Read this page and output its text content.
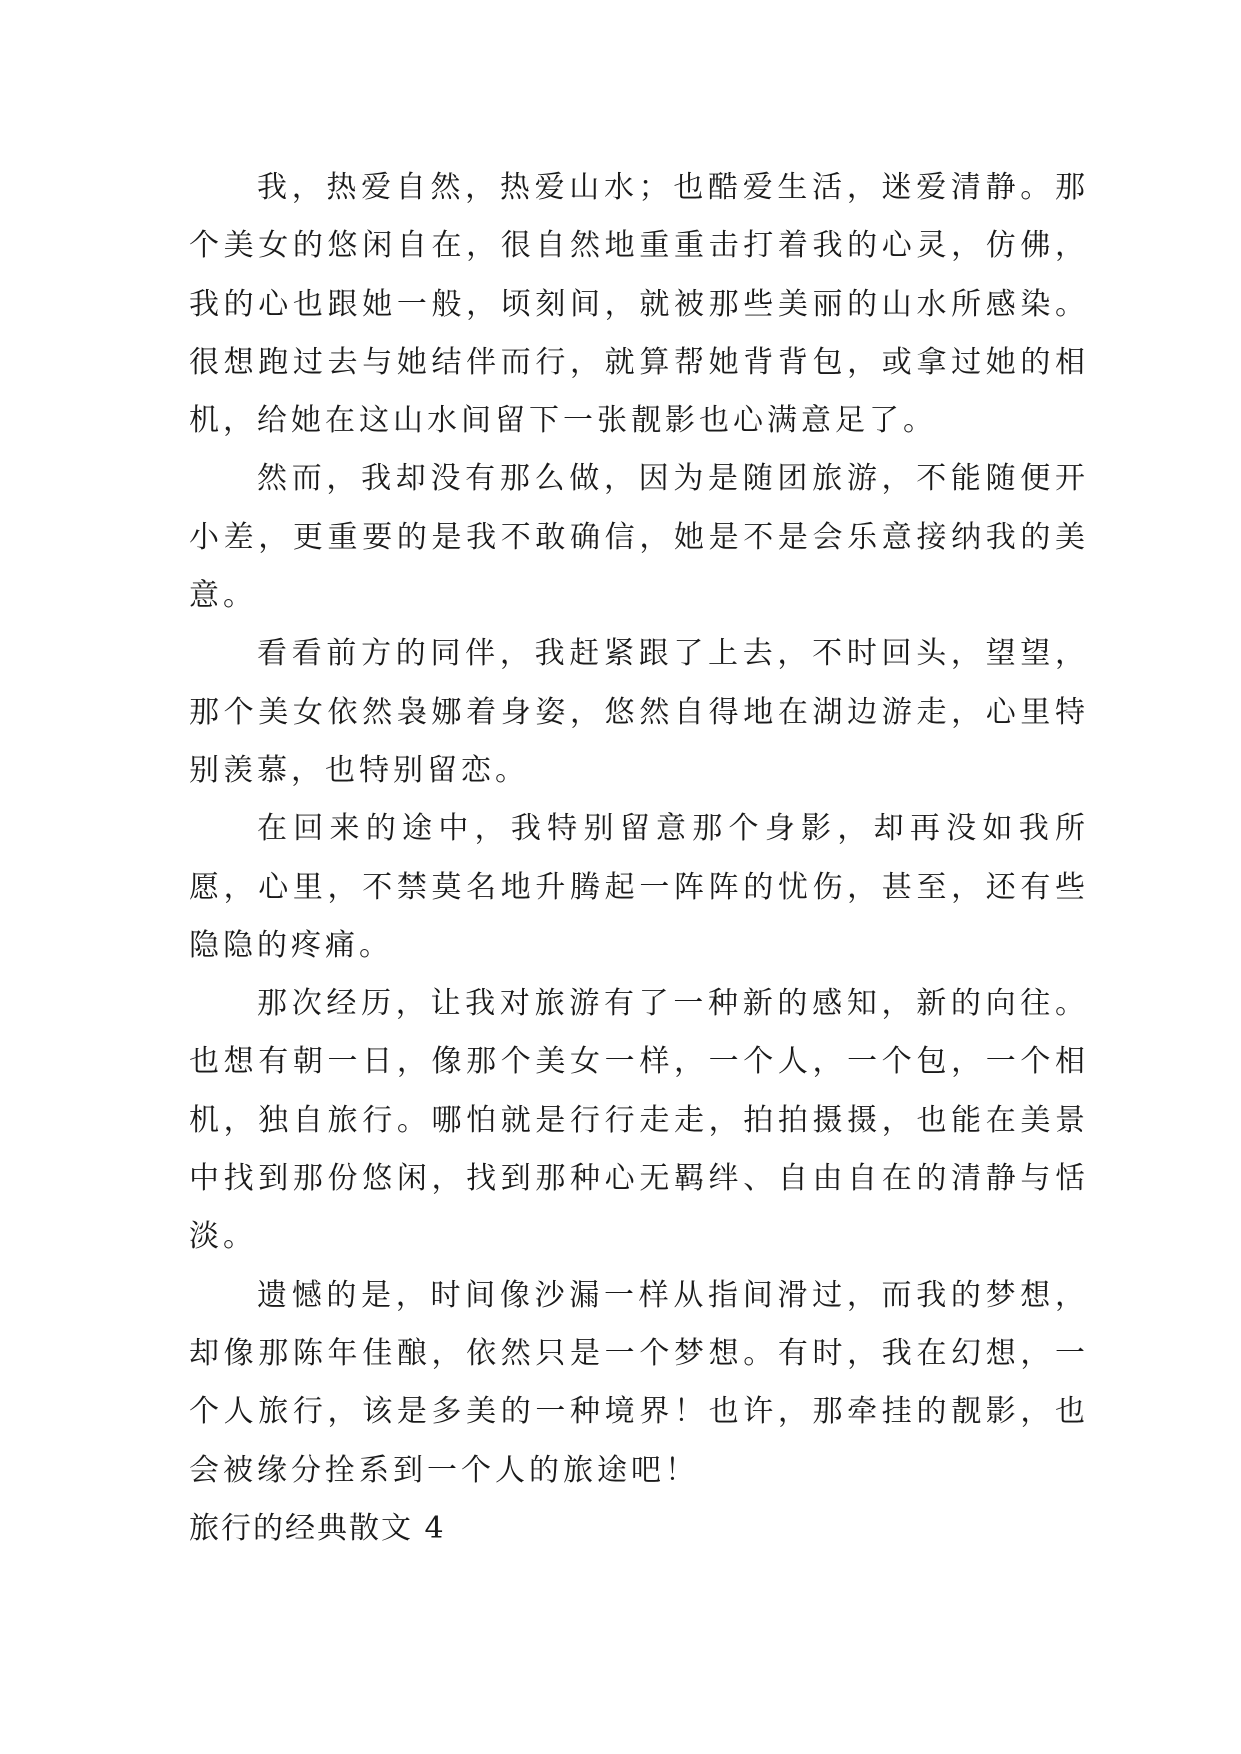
我，热爱自然，热爱山水；也酷爱生活，迷爱清静。那个美女的悠闲自在，很自然地重重击打着我的心灵，仿佛，我的心也跟她一般，顷刻间，就被那些美丽的山水所感染。很想跑过去与她结伴而行，就算帮她背背包，或拿过她的相机，给她在这山水间留下一张靓影也心满意足了。

然而，我却没有那么做，因为是随团旅游，不能随便开小差，更重要的是我不敢确信，她是不是会乐意接纳我的美意。

看看前方的同伴，我赶紧跟了上去，不时回头，望望，那个美女依然袅娜着身姿，悠然自得地在湖边游走，心里特别羡慕，也特别留恋。

在回来的途中，我特别留意那个身影，却再没如我所愿，心里，不禁莫名地升腾起一阵阵的忧伤，甚至，还有些隐隐的疼痛。

那次经历，让我对旅游有了一种新的感知，新的向往。也想有朝一日，像那个美女一样，一个人，一个包，一个相机，独自旅行。哪怕就是行行走走，拍拍摄摄，也能在美景中找到那份悠闲，找到那种心无羁绊、自由自在的清静与恬淡。

遗憾的是，时间像沙漏一样从指间滑过，而我的梦想，却像那陈年佳酿，依然只是一个梦想。有时，我在幻想，一个人旅行，该是多美的一种境界！也许，那牵挂的靓影，也会被缘分拴系到一个人的旅途吧！

旅行的经典散文 4
